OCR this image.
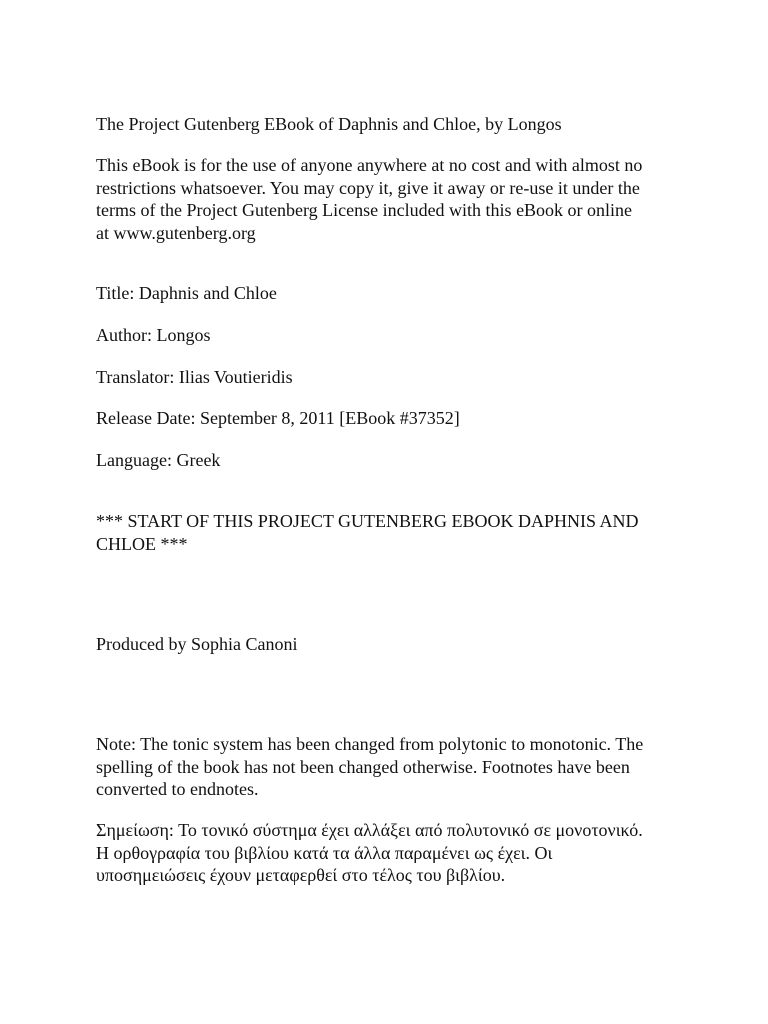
The Project Gutenberg EBook of Daphnis and Chloe, by Longos

This eBook is for the use of anyone anywhere at no cost and with almost no
restrictions whatsoever. You may copy it, give it away or re-use it under the
terms of the Project Gutenberg License included with this eBook or online
at www.gutenberg.org

Title: Daphnis and Chloe

Author: Longos

Translator: Ilias Voutieridis

Release Date: September 8, 2011 [EBook #37352]

Language: Greek

*** START OF THIS PROJECT GUTENBERG EBOOK DAPHNIS AND
CHLOE ***

Produced by Sophia Canoni

Note: The tonic system has been changed from polytonic to monotonic. The
spelling of the book has not been changed otherwise. Footnotes have been
converted to endnotes.
Σημείωση: Το τονικό σύστημα έχει αλλάξει από πολυτονικό σε μονοτονικό.
Η ορθογραφία του βιβλίου κατά τα άλλα παραμένει ως έχει. Οι
υποσημειώσεις έχουν μεταφερθεί στο τέλος του βιβλίου.
